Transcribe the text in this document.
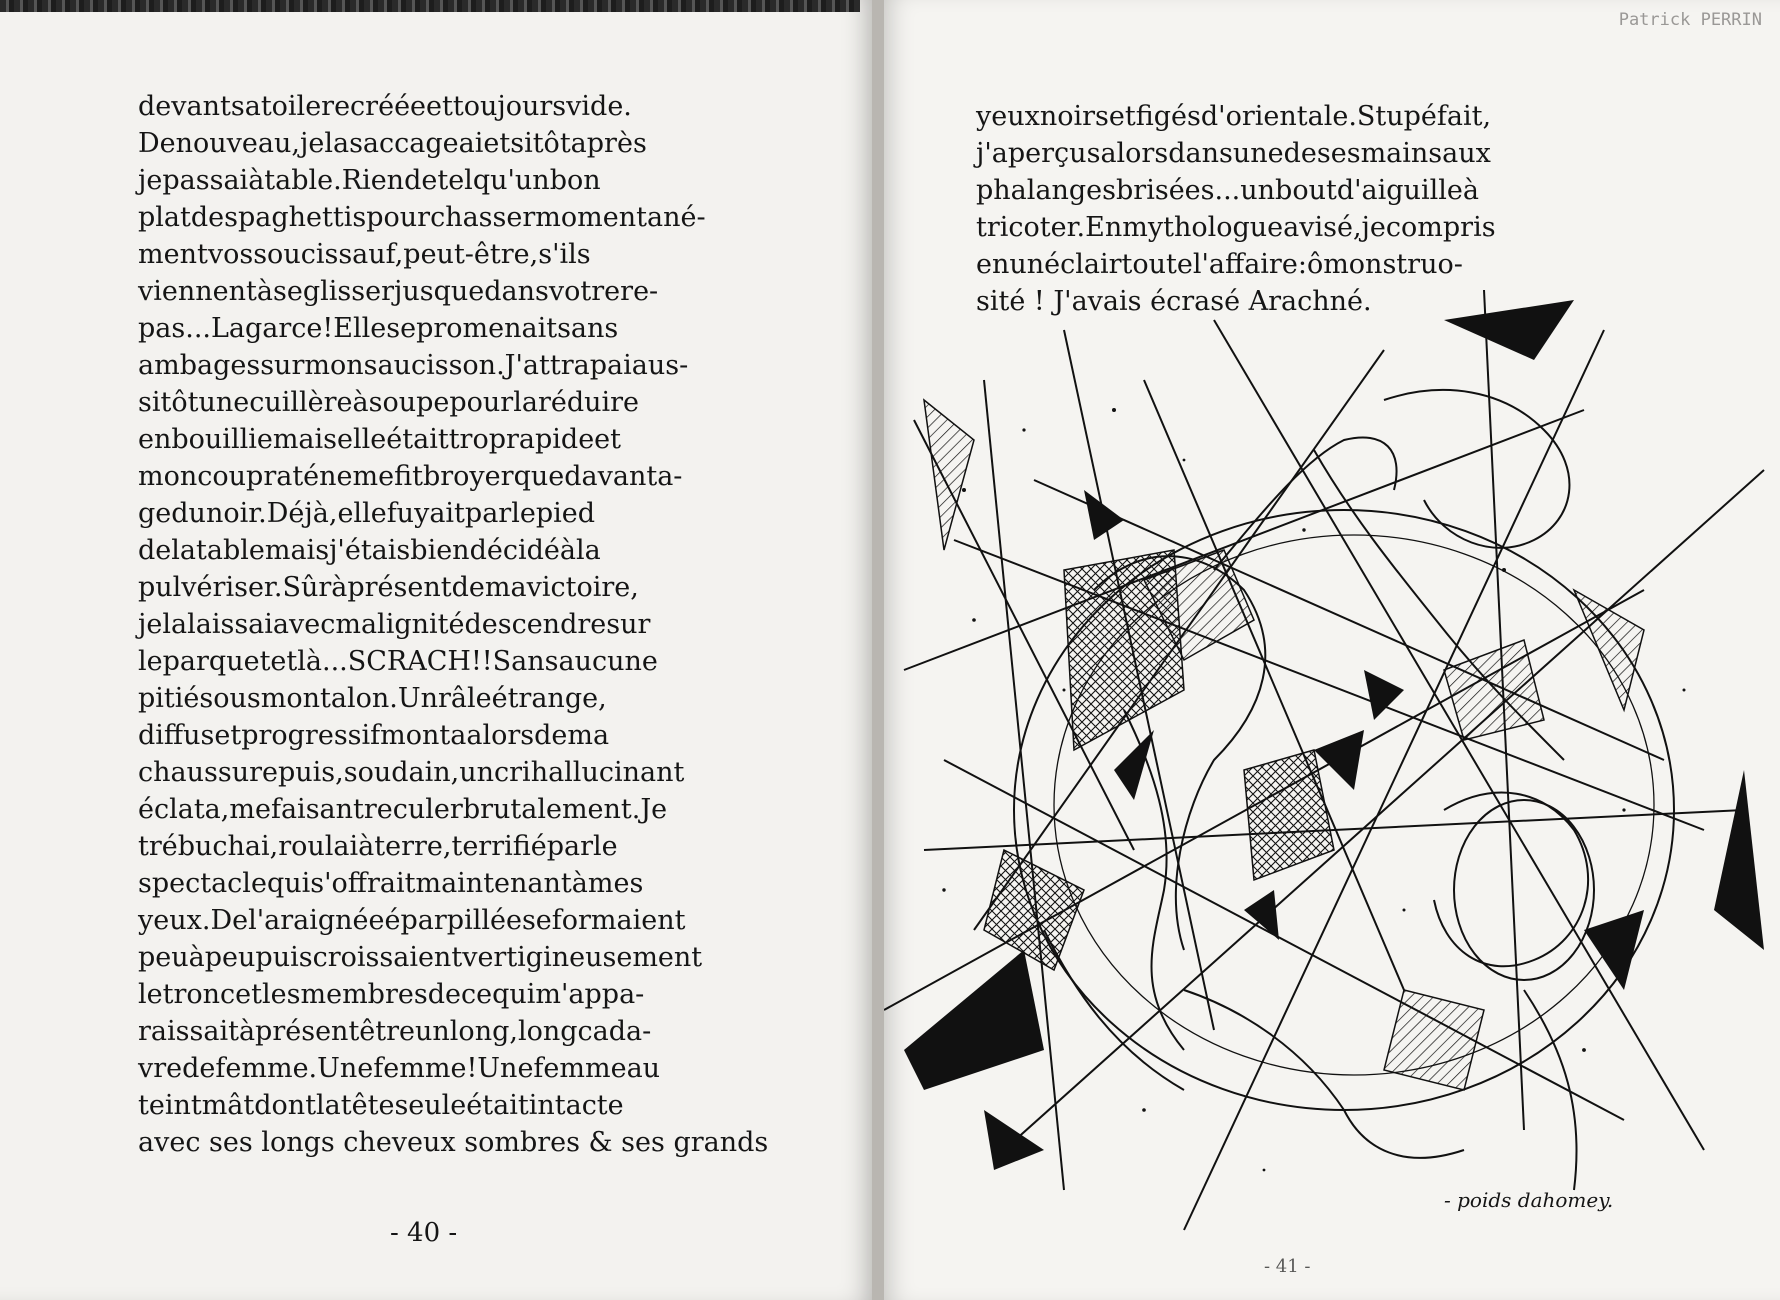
devantsatoilerecrééeettoujoursvide.
Denouveau,jelasaccageaietsitôtaprès
jepassaiàtable.Riendetelqu'unbon
platdespaghettispourchassermomentané-
mentvossoucissauf,peut-être,s'ils
viennentàseglisserjusquedansvotrere-
pas...Lagarce!Ellesepromenaitsans
ambagessurmonsaucisson.J'attrapaiaus-
sitôtunecuillèreàsoupepourlaréduire
enbouilliemaiselleétaittroprapideet
moncoupraténemefitbroyerquedavanta-
gedunoir.Déjà,ellefuyaitparlepied
delatablemaisj'étaisbiendécidéàla
pulvériser.Sûràprésentdemavictoire,
jelalaissaiavecmalignitédescendresur
leparquetetlà...SCRACH!!Sansaucune
pitiésousmontalon.Unrâleétrange,
diffusetprogressifmontaalorsdema
chaussurepuis,soudain,uncrihallucinant
éclata,mefaisantreculerbrutalement.Je
trébuchai,roulaiàterre,terrifiéparle
spectaclequis'offraitmaintenantàmes
yeux.Del'araignéeéparpilléeseformaient
peuàpeupuiscroissaientvertigineusement
letroncetlesmembresdecequim'appa-
raissaitàprésentêtreunlong,longcada-
vredefemme.Unefemme!Unefemmeau
teintmâtdontlatêteseuleétaitintacte
avec ses longs cheveux sombres & ses grands
- 40 -
Patrick PERRIN
yeuxnoirsetfigésd'orientale.Stupéfait,
j'aperçusalorsdansunedesesmainsaux
phalangesbrisées...unboutd'aiguilleà
tricoter.Enmythologueavisé,jecompris
enunéclairtoutel'affaire:ômonstruo-
sité ! J'avais écrasé Arachné.
- poids dahomey.
- 41 -
